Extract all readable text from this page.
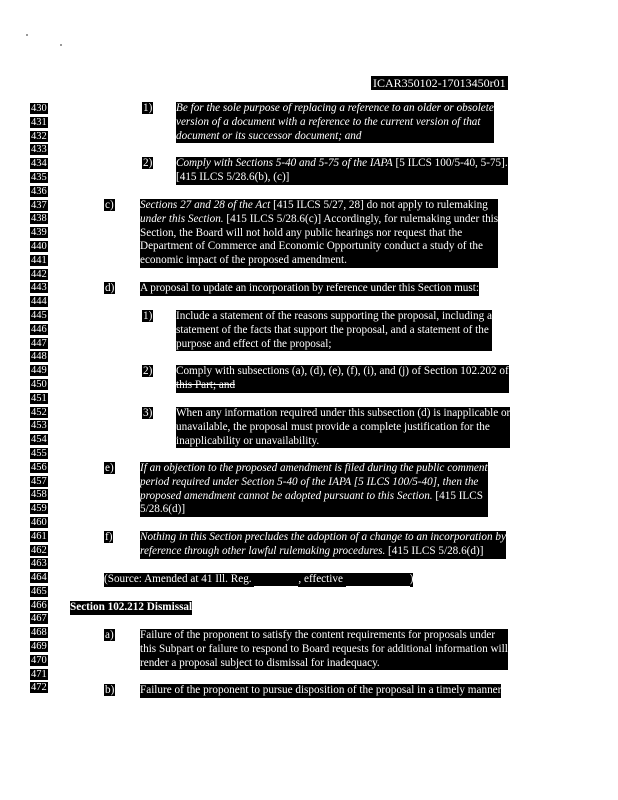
ICAR350102-17013450r01
430
431
432
433
434
435
436
437
438
439
440
441
442
443
444
445
446
447
448
449
450
451
452
453
454
455
456
457
458
459
460
461
462
463
464
465
466
467
468
469
470
471
472
1) Be for the sole purpose of replacing a reference to an older or obsolete
version of a document with a reference to the current version of that
document or its successor document; and
2) Comply with Sections 5-40 and 5-75 of the IAPA [5 ILCS 100/5-40, 5-75].
[415 ILCS 5/28.6(b), (c)]
c) Sections 27 and 28 of the Act [415 ILCS 5/27, 28] do not apply to rulemaking
under this Section. [415 ILCS 5/28.6(c)] Accordingly, for rulemaking under this
Section, the Board will not hold any public hearings nor request that the
Department of Commerce and Economic Opportunity conduct a study of the
economic impact of the proposed amendment.
d) A proposal to update an incorporation by reference under this Section must:
1) Include a statement of the reasons supporting the proposal, including a
statement of the facts that support the proposal, and a statement of the
purpose and effect of the proposal;
2) Comply with subsections (a), (d), (e), (f), (i), and (j) of Section 102.202 of
this Part; and
3) When any information required under this subsection (d) is inapplicable or
unavailable, the proposal must provide a complete justification for the
inapplicability or unavailability.
e) If an objection to the proposed amendment is filed during the public comment
period required under Section 5-40 of the IAPA [5 ILCS 100/5-40], then the
proposed amendment cannot be adopted pursuant to this Section. [415 ILCS
5/28.6(d)]
f) Nothing in this Section precludes the adoption of a change to an incorporation by
reference through other lawful rulemaking procedures. [415 ILCS 5/28.6(d)]
(Source: Amended at 41 Ill. Reg.	, effective	)
Section 102.212 Dismissal
a) Failure of the proponent to satisfy the content requirements for proposals under
this Subpart or failure to respond to Board requests for additional information will
render a proposal subject to dismissal for inadequacy.
b) Failure of the proponent to pursue disposition of the proposal in a timely manner
